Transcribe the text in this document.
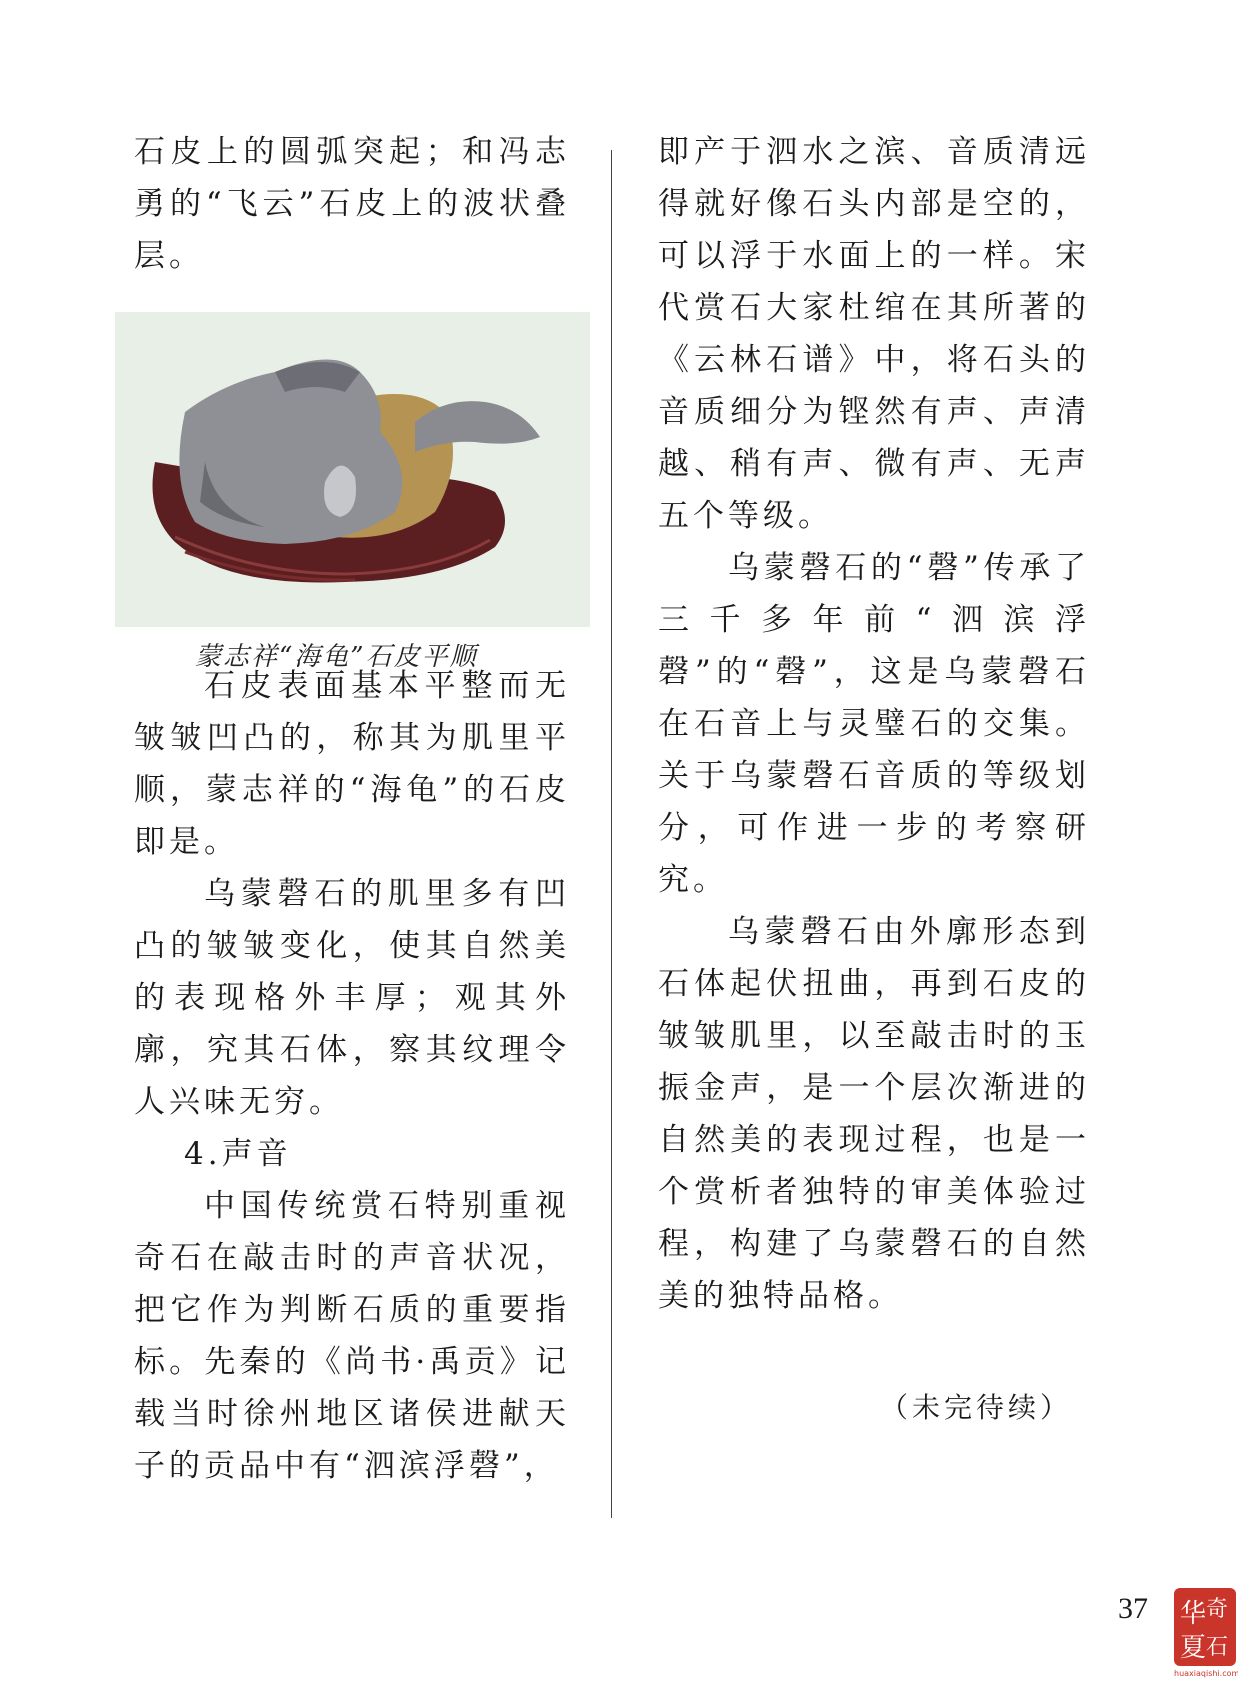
石皮上的圆弧突起；和冯志勇的“飞云”石皮上的波状叠层。

蒙志祥“海龟”石皮平顺

石皮表面基本平整而无皱皱凹凸的，称其为肌里平顺，蒙志祥的“海龟”的石皮即是。

乌蒙磬石的肌里多有凹凸的皱皱变化，使其自然美的表现格外丰厚；观其外廓，究其石体，察其纹理令人兴味无穷。

4.声音

中国传统赏石特别重视奇石在敲击时的声音状况，把它作为判断石质的重要指标。先秦的《尚书·禹贡》记载当时徐州地区诸侯进献天子的贡品中有“泗滨浮磬”，

即产于泗水之滨、音质清远得就好像石头内部是空的，可以浮于水面上的一样。宋代赏石大家杜绾在其所著的《云林石谱》中，将石头的音质细分为铿然有声、声清越、稍有声、微有声、无声五个等级。

乌蒙磬石的“磬”传承了三千多年前“泗滨浮磬”的“磬”，这是乌蒙磬石在石音上与灵璧石的交集。关于乌蒙磬石音质的等级划分，可作进一步的考察研究。

乌蒙磬石由外廓形态到石体起伏扭曲，再到石皮的皱皱肌里，以至敲击时的玉振金声，是一个层次渐进的自然美的表现过程，也是一个赏析者独特的审美体验过程，构建了乌蒙磬石的自然美的独特品格。

（未完待续）
37 华 奇
夏 石
huaxiaqishi.com
